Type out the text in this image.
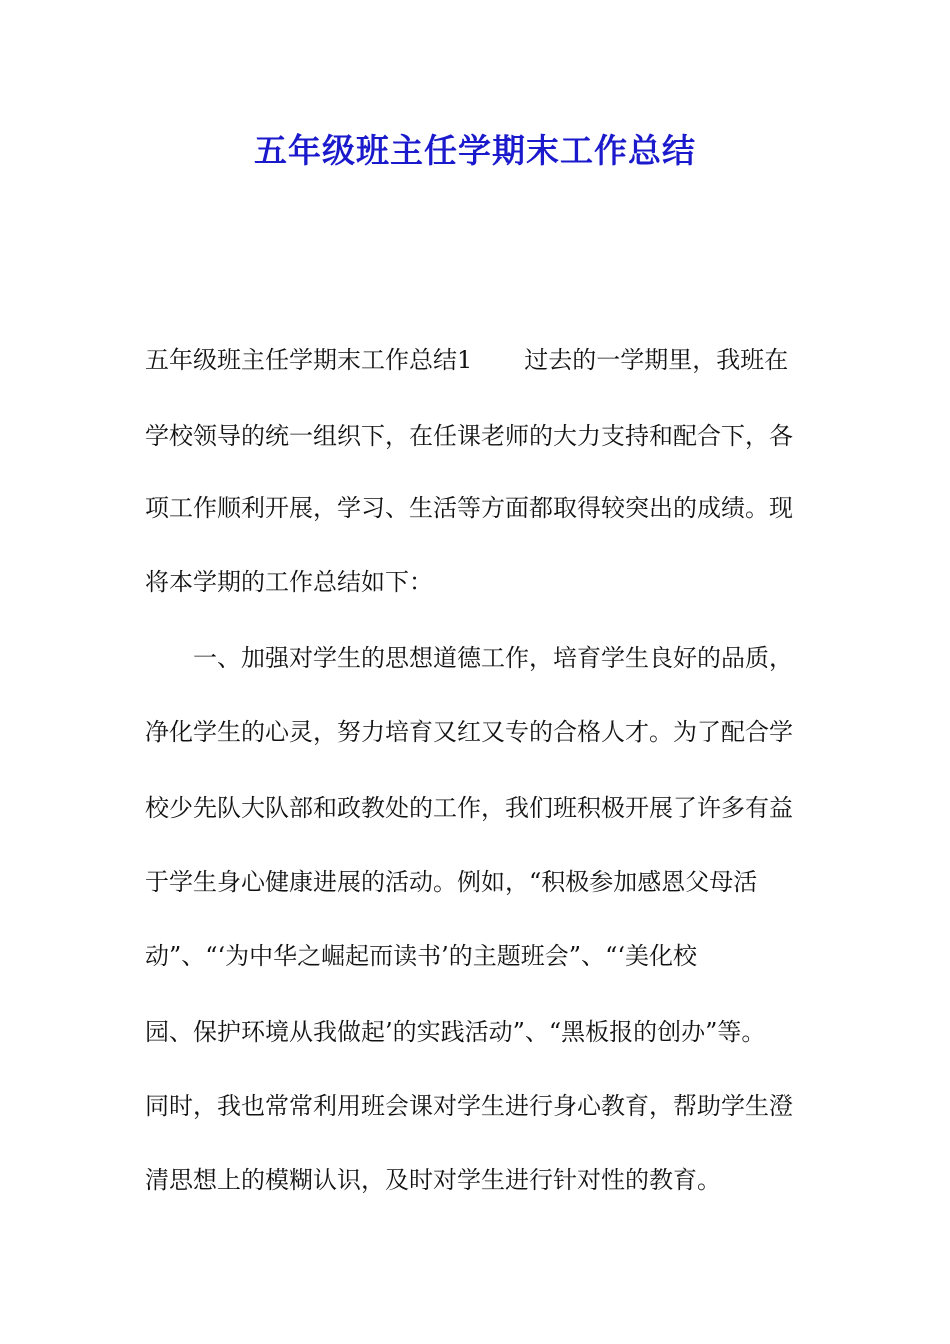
五年级班主任学期末工作总结
五年级班主任学期末工作总结1 过去的一学期里，我班在
学校领导的统一组织下，在任课老师的大力支持和配合下，各
项工作顺利开展，学习、生活等方面都取得较突出的成绩。现
将本学期的工作总结如下：
一、加强对学生的思想道德工作，培育学生良好的品质，
净化学生的心灵，努力培育又红又专的合格人才。为了配合学
校少先队大队部和政教处的工作，我们班积极开展了许多有益
于学生身心健康进展的活动。例如，“积极参加感恩父母活
动”、“‘为中华之崛起而读书’的主题班会”、“‘美化校
园、保护环境从我做起’的实践活动”、“黑板报的创办”等。
同时，我也常常利用班会课对学生进行身心教育，帮助学生澄
清思想上的模糊认识，及时对学生进行针对性的教育。
